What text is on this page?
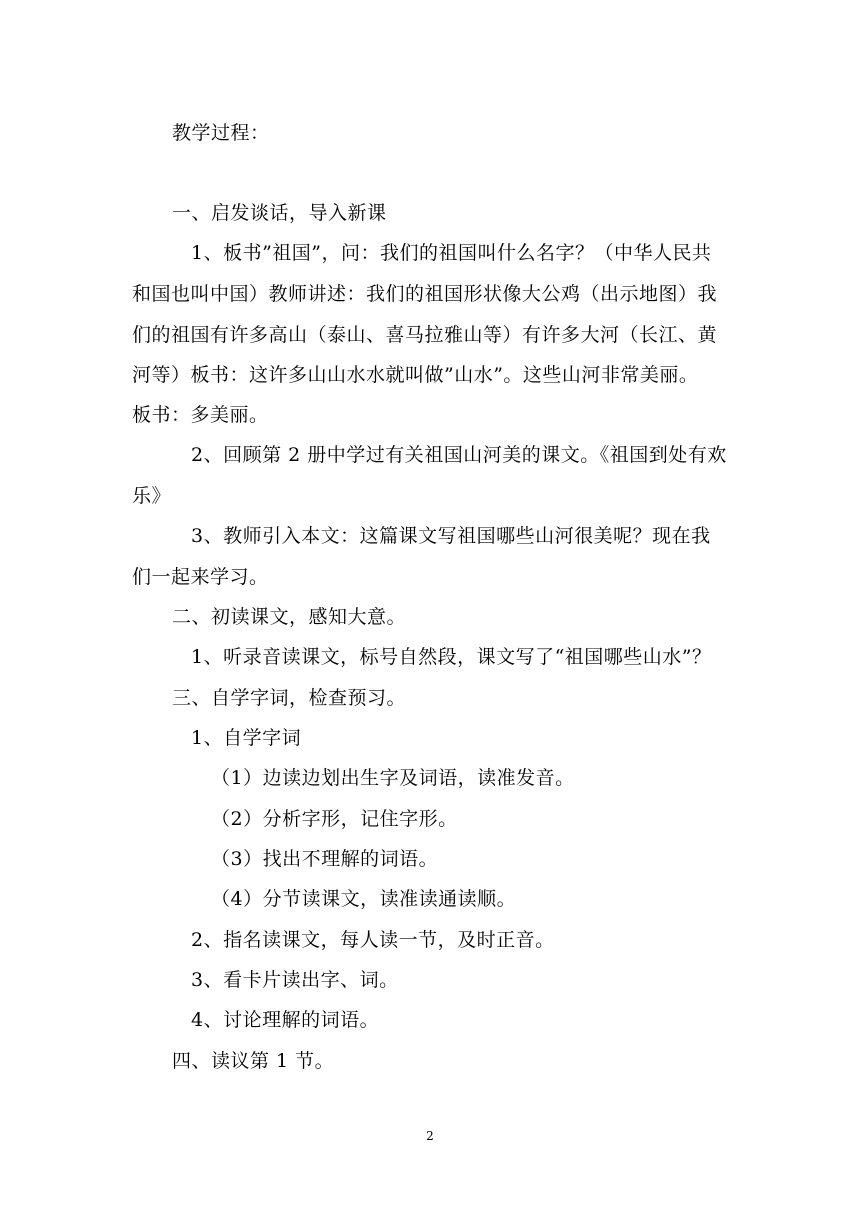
教学过程：
一、启发谈话，导入新课
1、板书”祖国”，问：我们的祖国叫什么名字？（中华人民共
和国也叫中国）教师讲述：我们的祖国形状像大公鸡（出示地图）我
们的祖国有许多高山（泰山、喜马拉雅山等）有许多大河（长江、黄
河等）板书：这许多山山水水就叫做”山水”。这些山河非常美丽。
板书：多美丽。
2、回顾第 2 册中学过有关祖国山河美的课文。《祖国到处有欢
乐》
3、教师引入本文：这篇课文写祖国哪些山河很美呢？现在我
们一起来学习。
二、初读课文，感知大意。
1、听录音读课文，标号自然段，课文写了“祖国哪些山水”？
三、自学字词，检查预习。
1、自学字词
（1）边读边划出生字及词语，读准发音。
（2）分析字形，记住字形。
（3）找出不理解的词语。
（4）分节读课文，读准读通读顺。
2、指名读课文，每人读一节，及时正音。
3、看卡片读出字、词。
4、讨论理解的词语。
四、读议第 1 节。
2
